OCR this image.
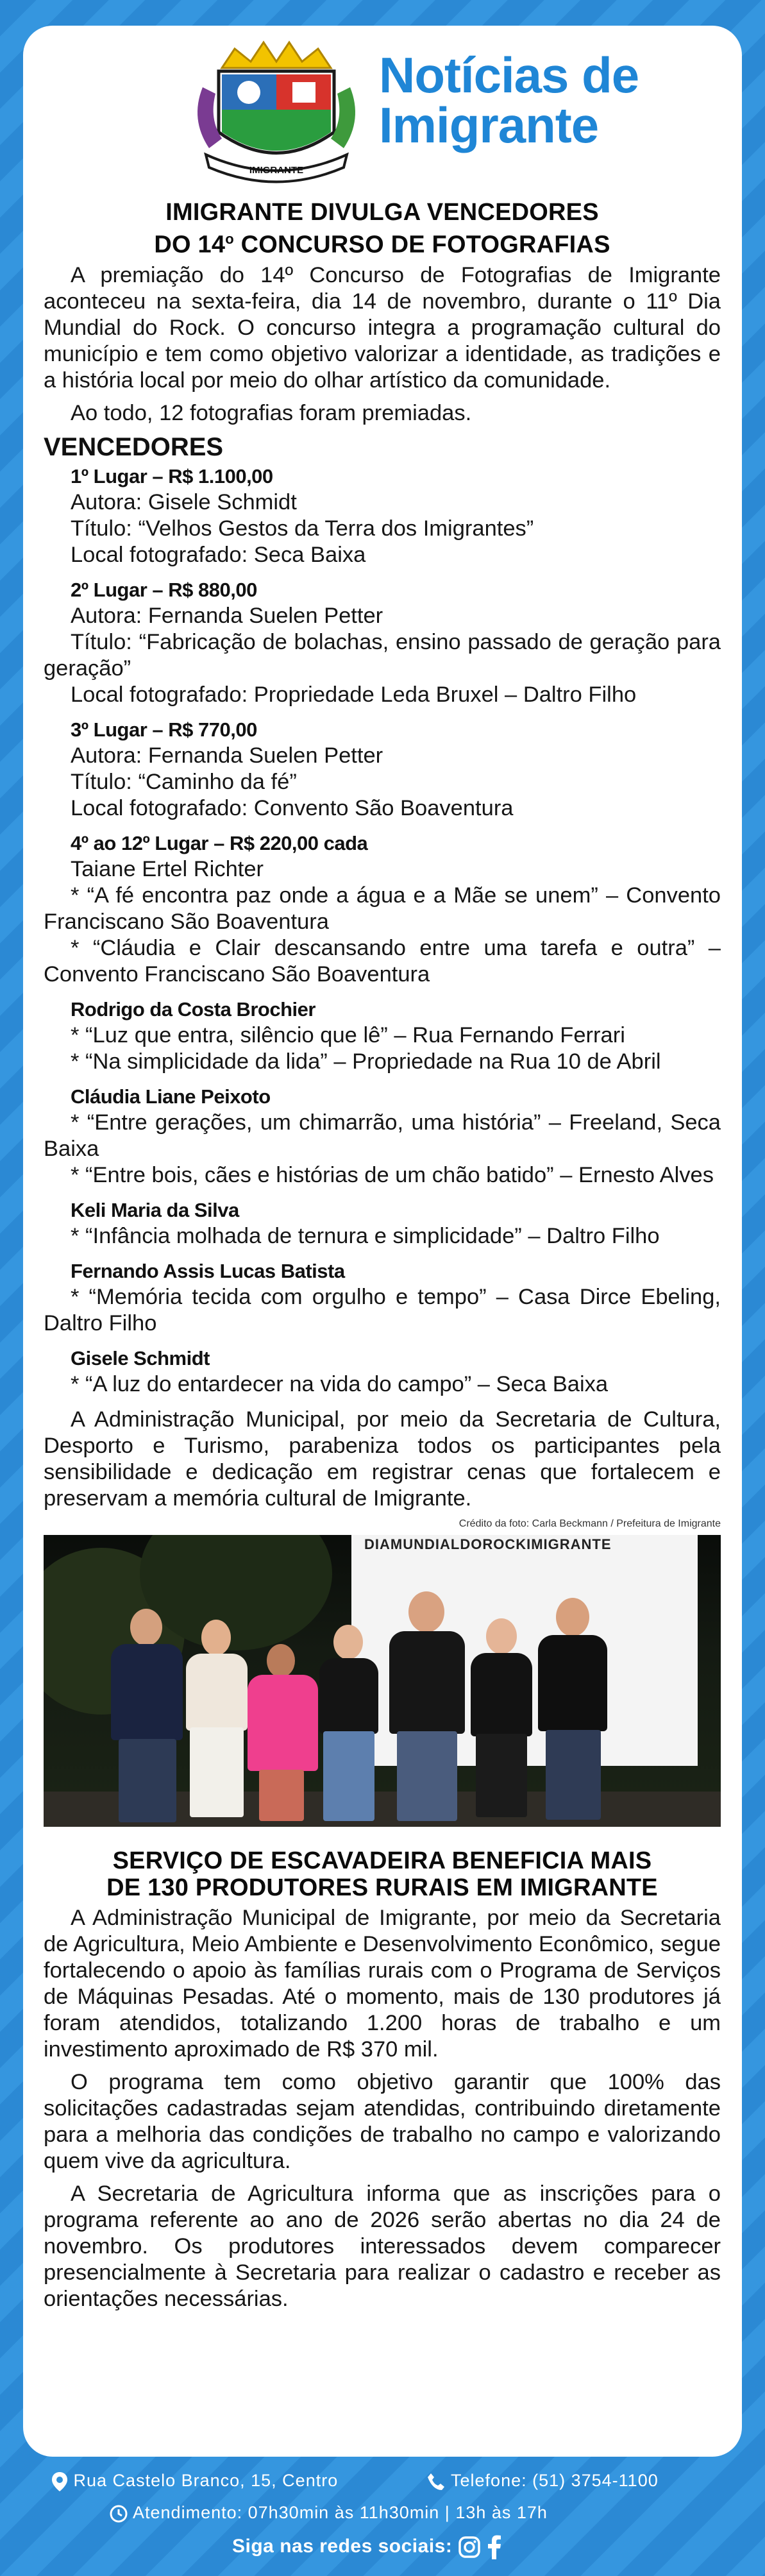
IMIGRANTE
Notícias de
Imigrante
IMIGRANTE DIVULGA VENCEDORES
DO 14$^o$ CONCURSO DE FOTOGRAFIAS

A premiação do 14º Concurso de Fotografias de Imigrante aconteceu na sexta-feira, dia 14 de novembro, durante o 11º Dia Mundial do Rock. O concurso integra a programação cultural do município e tem como objetivo valorizar a identidade, as tradições e a história local por meio do olhar artístico da comunidade.

Ao todo, 12 fotografias foram premiadas.

VENCEDORES
1º Lugar – R$ 1.100,00
Autora: Gisele Schmidt
Título: “Velhos Gestos da Terra dos Imigrantes”
Local fotografado: Seca Baixa
2º Lugar – R$ 880,00
Autora: Fernanda Suelen Petter
Título: “Fabricação de bolachas, ensino passado de geração para geração”
Local fotografado: Propriedade Leda Bruxel – Daltro Filho
3º Lugar – R$ 770,00
Autora: Fernanda Suelen Petter
Título: “Caminho da fé”
Local fotografado: Convento São Boaventura
4º ao 12º Lugar – R$ 220,00 cada
Taiane Ertel Richter
* “A fé encontra paz onde a água e a Mãe se unem” – Convento Franciscano São Boaventura
* “Cláudia e Clair descansando entre uma tarefa e outra” – Convento Franciscano São Boaventura
Rodrigo da Costa Brochier
* “Luz que entra, silêncio que lê” – Rua Fernando Ferrari
* “Na simplicidade da lida” – Propriedade na Rua 10 de Abril
Cláudia Liane Peixoto
* “Entre gerações, um chimarrão, uma história” – Freeland, Seca Baixa
* “Entre bois, cães e histórias de um chão batido” – Ernesto Alves
Keli Maria da Silva
* “Infância molhada de ternura e simplicidade” – Daltro Filho
Fernando Assis Lucas Batista
* “Memória tecida com orgulho e tempo” – Casa Dirce Ebeling, Daltro Filho
Gisele Schmidt
* “A luz do entardecer na vida do campo” – Seca Baixa

A Administração Municipal, por meio da Secretaria de Cultura, Desporto e Turismo, parabeniza todos os participantes pela sensibilidade e dedicação em registrar cenas que fortalecem e preservam a memória cultural de Imigrante.

Crédito da foto: Carla Beckmann / Prefeitura de Imigrante
DIAMUNDIALDOROCKIMIGRANTE
SERVIÇO DE ESCAVADEIRA BENEFICIA MAIS
DE 130 PRODUTORES RURAIS EM IMIGRANTE

A Administração Municipal de Imigrante, por meio da Secretaria de Agricultura, Meio Ambiente e Desenvolvimento Econômico, segue fortalecendo o apoio às famílias rurais com o Programa de Serviços de Máquinas Pesadas. Até o momento, mais de 130 produtores já foram atendidos, totalizando 1.200 horas de trabalho e um investimento aproximado de R$ 370 mil.

O programa tem como objetivo garantir que 100% das solicitações cadastradas sejam atendidas, contribuindo diretamente para a melhoria das condições de trabalho no campo e valorizando quem vive da agricultura.

A Secretaria de Agricultura informa que as inscrições para o programa referente ao ano de 2026 serão abertas no dia 24 de novembro. Os produtores interessados devem comparecer presencialmente à Secretaria para realizar o cadastro e receber as orientações necessárias.

Rua Castelo Branco, 15, Centro	Telefone: (51) 3754-1100
Atendimento: 07h30min às 11h30min | 13h às 17h
Siga nas redes sociais:
